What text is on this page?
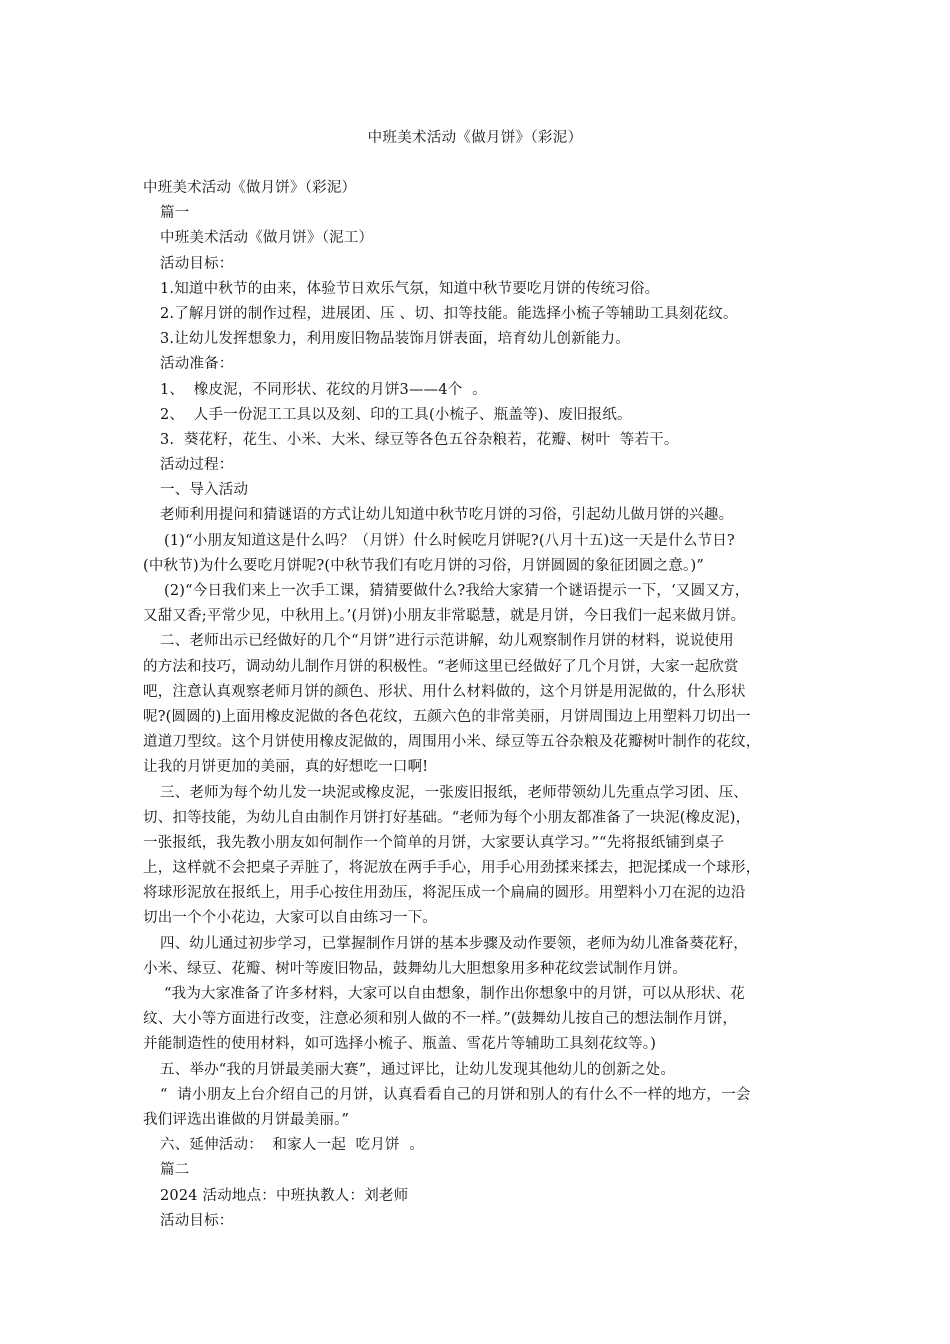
中班美术活动《做月饼》（彩泥）
中班美术活动《做月饼》（彩泥）
篇一
中班美术活动《做月饼》（泥工）
活动目标：
1.知道中秋节的由来，体验节日欢乐气氛，知道中秋节要吃月饼的传统习俗。
2.了解月饼的制作过程，进展团、压 、切、扣等技能。能选择小梳子等辅助工具刻花纹。
3.让幼儿发挥想象力，利用废旧物品装饰月饼表面，培育幼儿创新能力。
活动准备：
1、  橡皮泥，不同形状、花纹的月饼3——4个  。
2、  人手一份泥工工具以及刻、印的工具(小梳子、瓶盖等)、废旧报纸。
3.  葵花籽，花生、小米、大米、绿豆等各色五谷杂粮若，花瓣、树叶  等若干。
活动过程：
一、导入活动
老师利用提问和猜谜语的方式让幼儿知道中秋节吃月饼的习俗，引起幼儿做月饼的兴趣。
(1)“小朋友知道这是什么吗？（月饼）什么时候吃月饼呢?(八月十五)这一天是什么节日?
(中秋节)为什么要吃月饼呢?(中秋节我们有吃月饼的习俗，月饼圆圆的象征团圆之意。)”
(2)“今日我们来上一次手工课，猜猜要做什么?我给大家猜一个谜语提示一下，‘又圆又方，
又甜又香;平常少见，中秋用上。’(月饼)小朋友非常聪慧，就是月饼，今日我们一起来做月饼。
二、老师出示已经做好的几个“月饼”进行示范讲解，幼儿观察制作月饼的材料，说说使用
的方法和技巧，调动幼儿制作月饼的积极性。“老师这里已经做好了几个月饼，大家一起欣赏
吧，注意认真观察老师月饼的颜色、形状、用什么材料做的，这个月饼是用泥做的，什么形状
呢?(圆圆的)上面用橡皮泥做的各色花纹，五颜六色的非常美丽，月饼周围边上用塑料刀切出一
道道刀型纹。这个月饼使用橡皮泥做的，周围用小米、绿豆等五谷杂粮及花瓣树叶制作的花纹，
让我的月饼更加的美丽，真的好想吃一口啊!
三、老师为每个幼儿发一块泥或橡皮泥，一张废旧报纸，老师带领幼儿先重点学习团、压、
切、扣等技能，为幼儿自由制作月饼打好基础。“老师为每个小朋友都准备了一块泥(橡皮泥)，
一张报纸，我先教小朋友如何制作一个简单的月饼，大家要认真学习。”“先将报纸铺到桌子
上，这样就不会把桌子弄脏了，将泥放在两手手心，用手心用劲揉来揉去，把泥揉成一个球形，
将球形泥放在报纸上，用手心按住用劲压，将泥压成一个扁扁的圆形。用塑料小刀在泥的边沿
切出一个个小花边，大家可以自由练习一下。
四、幼儿通过初步学习，已掌握制作月饼的基本步骤及动作要领，老师为幼儿准备葵花籽，
小米、绿豆、花瓣、树叶等废旧物品，鼓舞幼儿大胆想象用多种花纹尝试制作月饼。
“我为大家准备了许多材料，大家可以自由想象，制作出你想象中的月饼，可以从形状、花
纹、大小等方面进行改变，注意必须和别人做的不一样。”(鼓舞幼儿按自己的想法制作月饼，
并能制造性的使用材料，如可选择小梳子、瓶盖、雪花片等辅助工具刻花纹等。)
五、举办“我的月饼最美丽大赛”，通过评比，让幼儿发现其他幼儿的创新之处。
“  请小朋友上台介绍自己的月饼，认真看看自己的月饼和别人的有什么不一样的地方，一会
我们评选出谁做的月饼最美丽。”
六、延伸活动：  和家人一起  吃月饼  。
篇二
2024 活动地点：中班执教人：刘老师
活动目标：
